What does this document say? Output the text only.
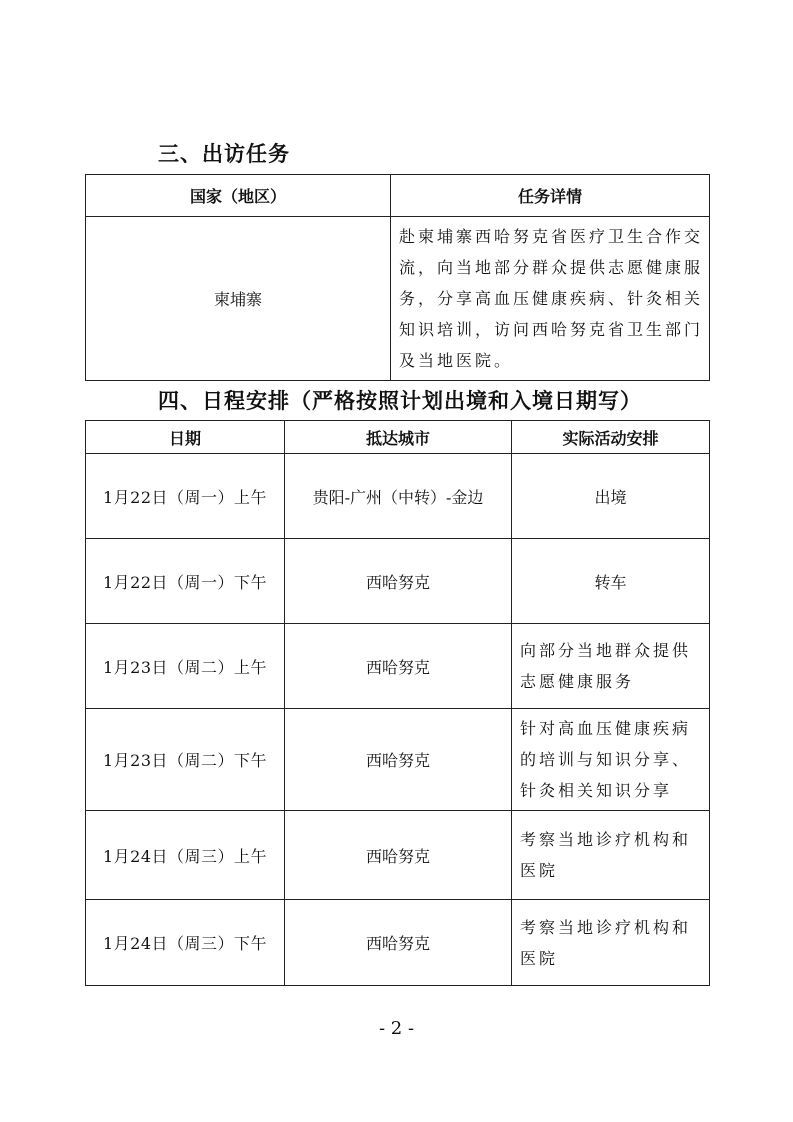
三、出访任务
国家（地区）	任务详情
柬埔寨	赴柬埔寨西哈努克省医疗卫生合作交流，向当地部分群众提供志愿健康服务，分享高血压健康疾病、针灸相关知识培训，访问西哈努克省卫生部门及当地医院。
四、日程安排（严格按照计划出境和入境日期写）
日期	抵达城市	实际活动安排
1月22日（周一）上午	贵阳-广州（中转）-金边	出境
1月22日（周一）下午	西哈努克	转车
1月23日（周二）上午	西哈努克	向部分当地群众提供志愿健康服务
1月23日（周二）下午	西哈努克	针对高血压健康疾病的培训与知识分享、针灸相关知识分享
1月24日（周三）上午	西哈努克	考察当地诊疗机构和医院
1月24日（周三）下午	西哈努克	考察当地诊疗机构和医院
- 2 -
